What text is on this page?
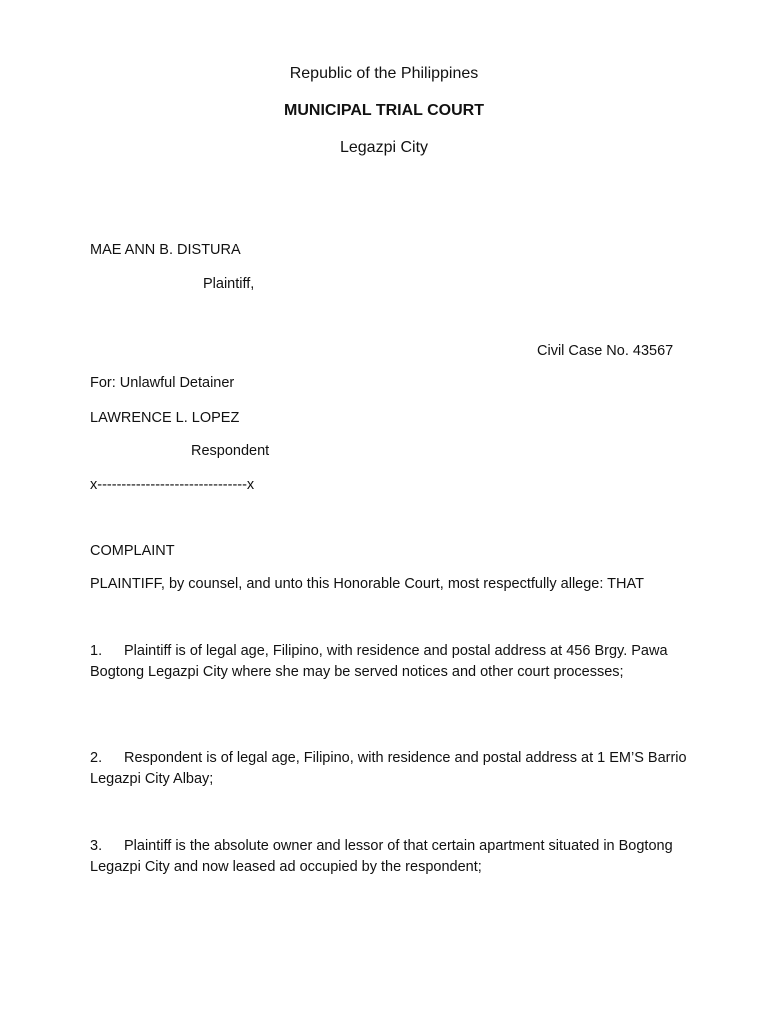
Republic of the Philippines
MUNICIPAL TRIAL COURT
Legazpi City
MAE ANN B. DISTURA
Plaintiff,
Civil Case No. 43567
For: Unlawful Detainer
LAWRENCE L. LOPEZ
Respondent
x-------------------------------x
COMPLAINT
PLAINTIFF, by counsel, and unto this Honorable Court, most respectfully allege: THAT
1. Plaintiff is of legal age, Filipino, with residence and postal address at 456 Brgy. Pawa Bogtong Legazpi City where she may be served notices and other court processes;
2. Respondent is of legal age, Filipino, with residence and postal address at 1 EM’S Barrio Legazpi City Albay;
3. Plaintiff is the absolute owner and lessor of that certain apartment situated in Bogtong Legazpi City and now leased ad occupied by the respondent;
